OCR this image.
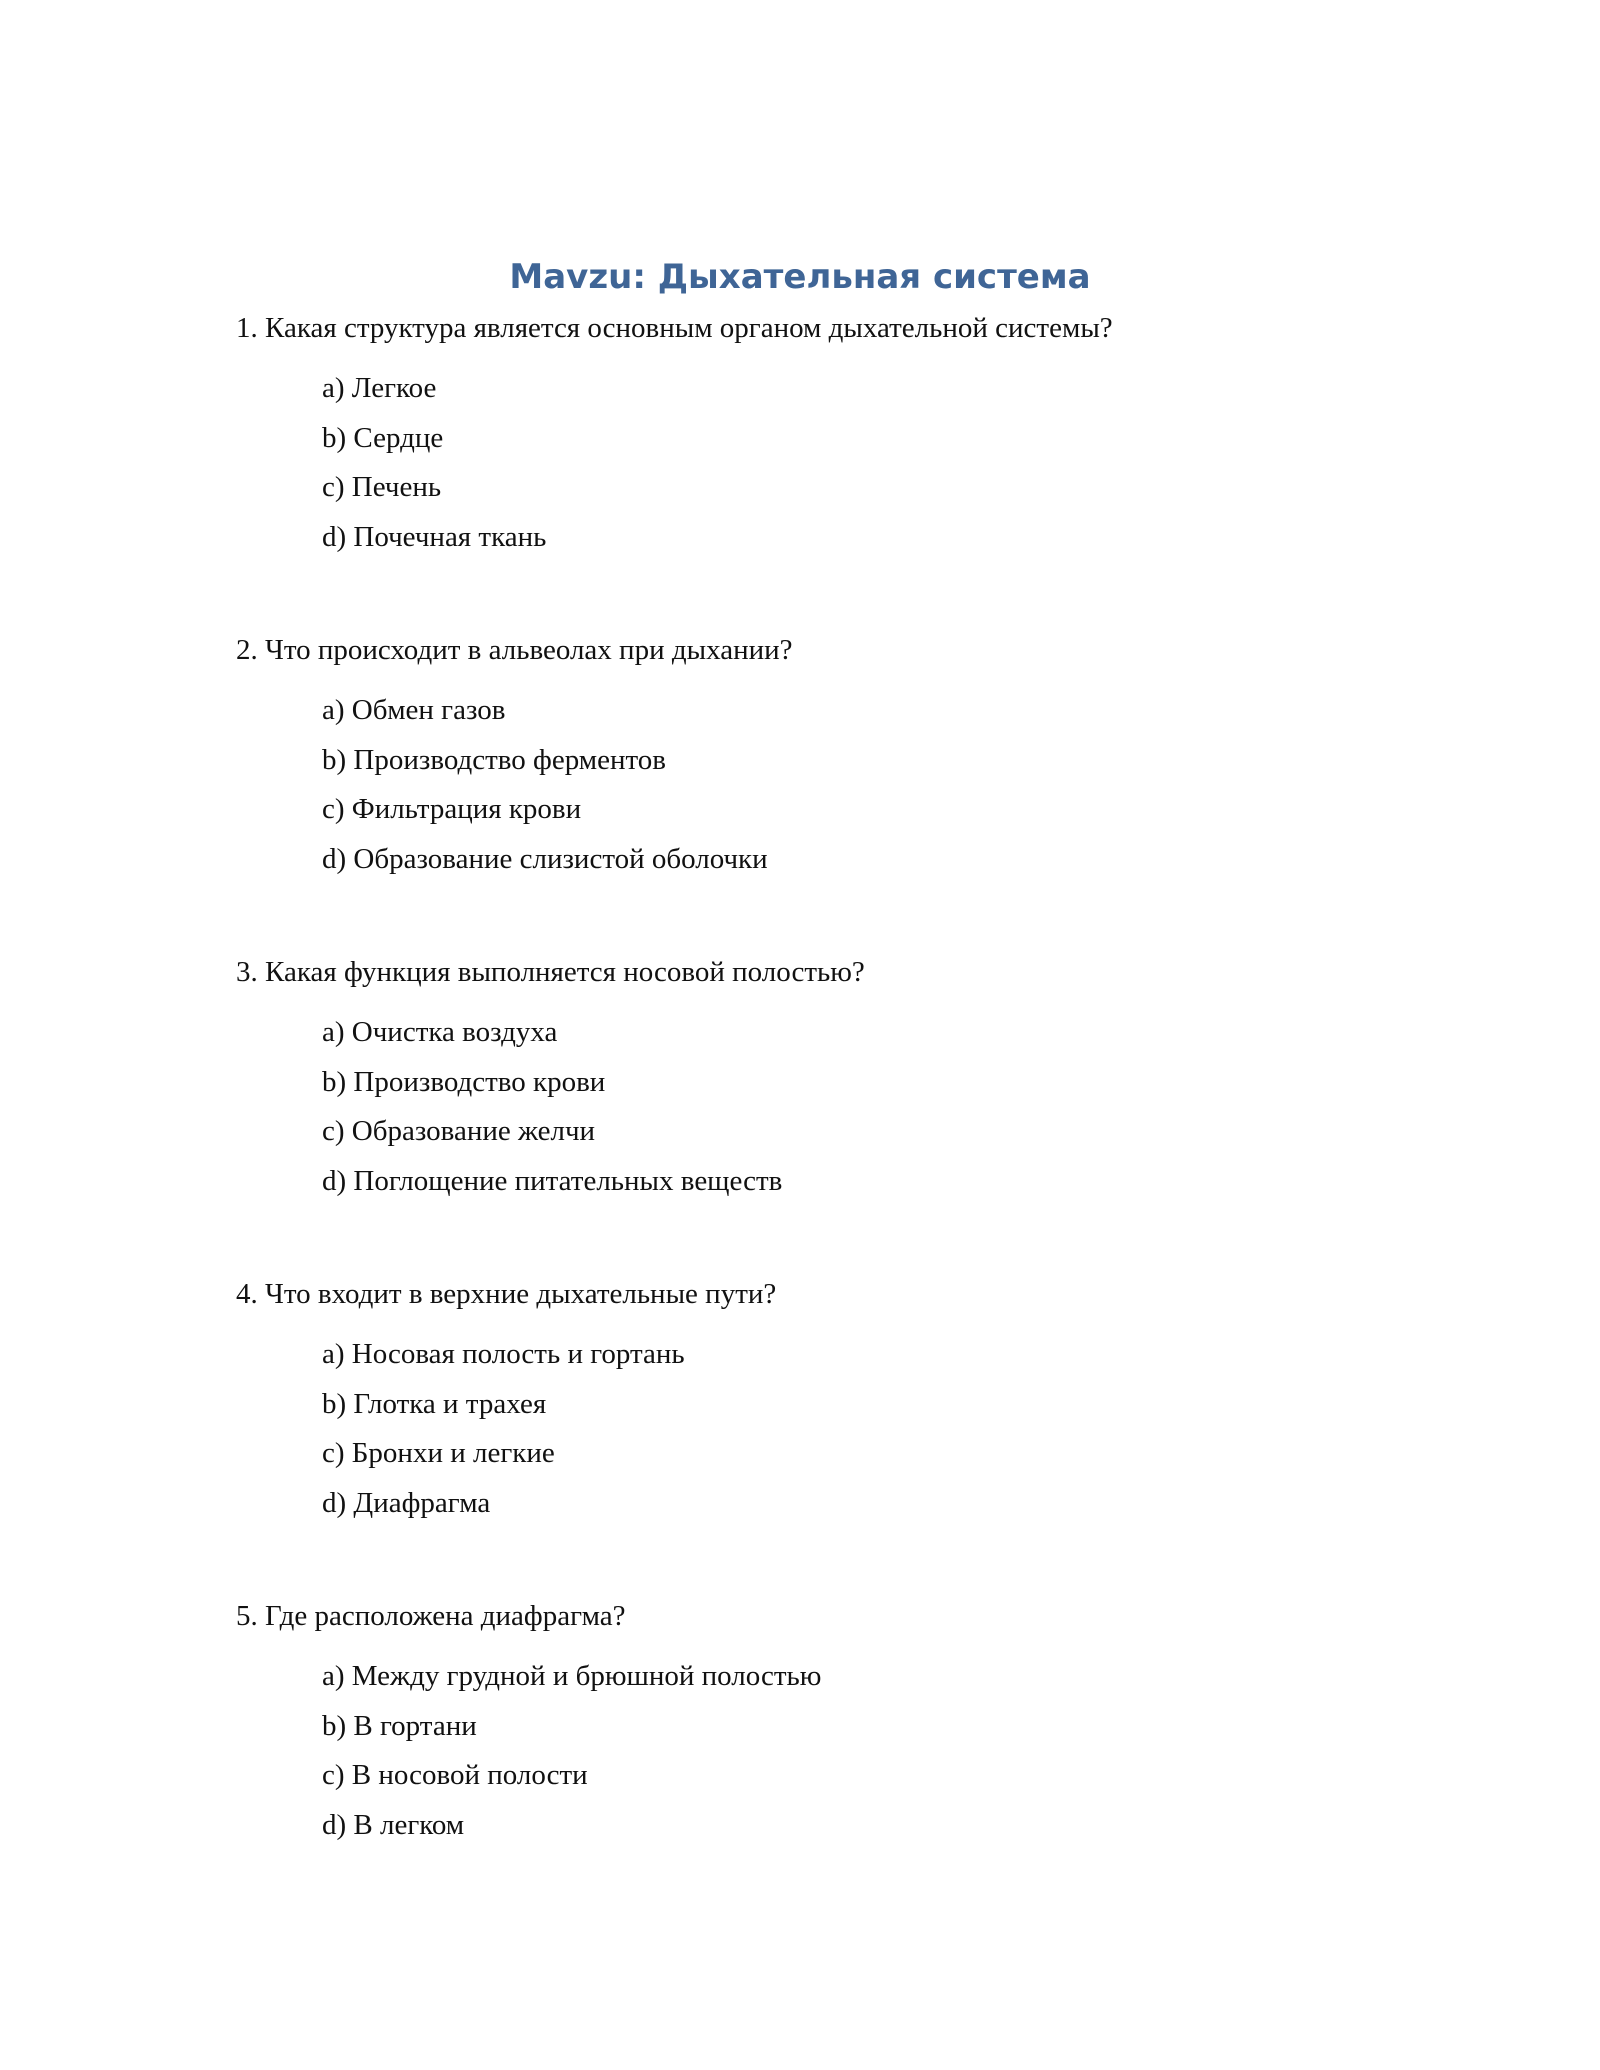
Mavzu: Дыхательная система

1. Какая структура является основным органом дыхательной системы?

a) Легкое
b) Сердце
c) Печень
d) Почечная ткань

2. Что происходит в альвеолах при дыхании?

a) Обмен газов
b) Производство ферментов
c) Фильтрация крови
d) Образование слизистой оболочки

3. Какая функция выполняется носовой полостью?

a) Очистка воздуха
b) Производство крови
c) Образование желчи
d) Поглощение питательных веществ

4. Что входит в верхние дыхательные пути?

a) Носовая полость и гортань
b) Глотка и трахея
c) Бронхи и легкие
d) Диафрагма

5. Где расположена диафрагма?

a) Между грудной и брюшной полостью
b) В гортани
c) В носовой полости
d) В легком
